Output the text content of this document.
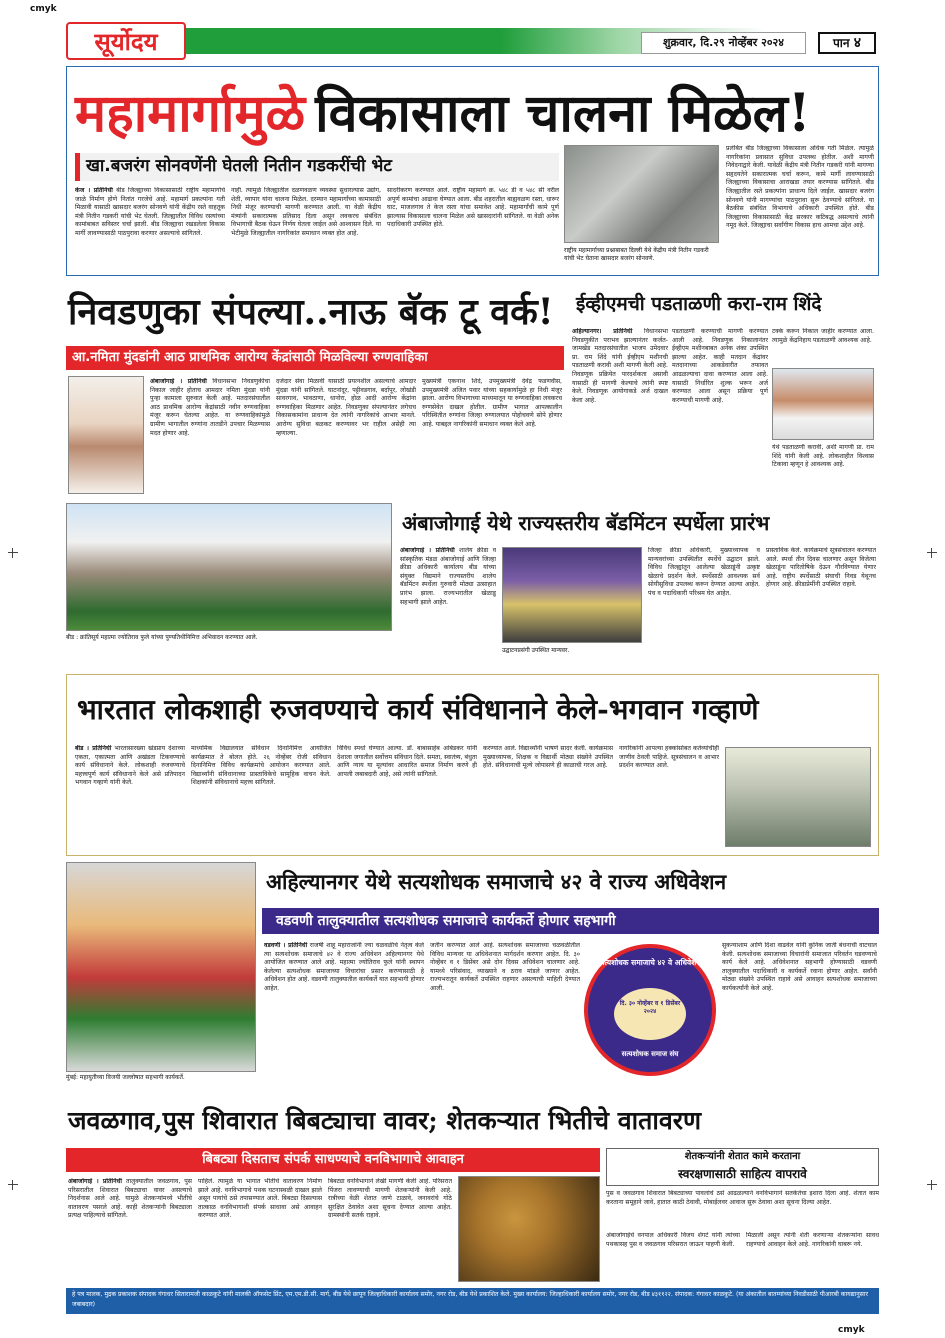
cmyk
cmyk
सूर्योदय	शुक्रवार, दि.२९ नोव्हेंबर २०२४	पान ४
महामार्गामुळे विकासाला चालना मिळेल!
खा.बजरंग सोनवणेंनी घेतली नितीन गडकरींची भेट
केज । प्रतिनिधी बीड जिल्ह्याच्या विकासासाठी राष्ट्रीय महामार्गाचे जाळे निर्माण होणे नितांत गरजेचे आहे. महामार्ग प्रकल्पांना गती मिळावी यासाठी खासदार बजरंग सोनवणे यांनी केंद्रीय रस्ते वाहतूक मंत्री नितीन गडकरी यांची भेट घेतली. जिल्ह्यातील विविध रस्त्यांच्या कामांबाबत सविस्तर चर्चा झाली. बीड जिल्ह्याचा रखडलेला विकास मार्गी लावण्यासाठी पाठपुरावा करणार असल्याचे सांगितले.
नाही. त्यामुळे जिल्ह्यातील दळणवळण व्यवस्था सुधारल्यास उद्योग, शेती, व्यापार यांना चालना मिळेल. दरम्यान महामार्गांच्या कामासाठी निधी मंजूर करण्याची मागणी करण्यात आली. या वेळी केंद्रीय मंत्र्यांनी सकारात्मक प्रतिसाद दिला असून लवकरच संबंधित विभागाची बैठक घेऊन निर्णय घेतला जाईल असे आश्वासन दिले. या भेटीमुळे जिल्ह्यातील नागरिकांत समाधान व्यक्त होत आहे.
सादरीकरण करण्यात आले. राष्ट्रीय महामार्ग क्र. ५४८ डी व ५४८ सी वरील अपूर्ण कामांचा आढावा घेण्यात आला. बीड शहरातील बाह्यवळण रस्ता, धारूर घाट, माजलगाव ते केज रस्ता यांचा समावेश आहे. महामार्गांची कामे पूर्ण झाल्यास विकासाला चालना मिळेल असे खासदारांनी सांगितले. या वेळी अनेक पदाधिकारी उपस्थित होते.
राष्ट्रीय महामार्गाच्या प्रश्नाबाबत दिल्ली येथे केंद्रीय मंत्री नितीन गडकरी यांची भेट घेताना खासदार बजरंग सोनवणे.
प्रलंबित बीड जिल्ह्याच्या विकासाला अधिक गती मिळेल. त्यामुळे नागरिकांना प्रवासात सुविधा उपलब्ध होतील. अशी मागणी निवेदनाद्वारे केली. यावेळी केंद्रीय मंत्री नितीन गडकरी यांनी मागण्या सहृदयतेने सकारात्मक चर्चा करून, कामे मार्गी लावण्यासाठी जिल्ह्याच्या विकासाचा आराखडा तयार करण्यास सांगितले. बीड जिल्ह्यातील रस्ते प्रकल्पांना प्राधान्य दिले जाईल. खासदार बजरंग सोनवणे यांनी मागण्यांचा पाठपुरावा सुरू ठेवण्याचे सांगितले. या बैठकीस संबंधित विभागाचे अधिकारी उपस्थित होते. बीड जिल्ह्याच्या विकासासाठी केंद्र सरकार कटिबद्ध असल्याचे त्यांनी नमूद केले. जिल्ह्याचा सर्वांगीण विकास हाच आमचा उद्देश आहे.
निवडणुका संपल्या..नाऊ बॅक टू वर्क!
आ.नमिता मुंदडांनी आठ प्राथमिक आरोग्य केंद्रांसाठी मिळविल्या रुग्णवाहिका
अंबाजोगाई । प्रतिनिधी विधानसभा निवडणुकीचा निकाल जाहीर होताच आमदार नमिता मुंदडा यांनी पुन्हा कामाला सुरुवात केली आहे. मतदारसंघातील आठ प्राथमिक आरोग्य केंद्रांसाठी नवीन रुग्णवाहिका मंजूर करून घेतल्या आहेत. या रुग्णवाहिकांमुळे ग्रामीण भागातील रुग्णांना तातडीने उपचार मिळण्यास मदत होणार आहे.
दर्जेदार सेवा मिळावी यासाठी प्रयत्नशील असल्याचे आमदार मुंदडा यांनी सांगितले. घाटनांदूर, पट्टीवडगाव, बर्दापूर, लोखंडी सावरगाव, भावठाणा, धानोरा, होळ आदी आरोग्य केंद्रांना रुग्णवाहिका मिळणार आहेत. निवडणुका संपल्यानंतर लगेचच विकासकामांना प्राधान्य देत त्यांनी नागरिकांचे आभार मानले. आरोग्य सुविधा बळकट करण्यावर भर राहील असेही त्या म्हणाल्या.
मुख्यमंत्री एकनाथ शिंदे, उपमुख्यमंत्री देवेंद्र फडणवीस, उपमुख्यमंत्री अजित पवार यांच्या सहकार्यामुळे हा निधी मंजूर झाला. आरोग्य विभागाच्या माध्यमातून या रुग्णवाहिका लवकरच रुग्णसेवेत दाखल होतील. ग्रामीण भागात आपत्कालीन परिस्थितीत रुग्णांना जिल्हा रुग्णालयात पोहोचवणे सोपे होणार आहे. याबद्दल नागरिकांनी समाधान व्यक्त केले आहे.
ईव्हीएमची पडताळणी करा-राम शिंदे
अहिल्यानगर। प्रतिनिधी विधानसभा निवडणुकीत पराभव झाल्यानंतर कर्जत-जामखेड मतदारसंघातील भाजप उमेदवार प्रा. राम शिंदे यांनी ईव्हीएम मशीनची पडताळणी करावी अशी मागणी केली आहे. निवडणूक प्रक्रियेत पारदर्शकता असावी यासाठी ही मागणी केल्याचे त्यांनी स्पष्ट केले. निवडणूक आयोगाकडे अर्ज दाखल केला आहे.
पडताळणी करण्याची मागणी करण्यात आली आहे. निवडणूक निकालानंतर ईव्हीएम मशीनबाबत अनेक शंका उपस्थित झाल्या आहेत. काही मतदान केंद्रांवर मतदानाच्या आकडेवारीत तफावत आढळल्याचा दावा करण्यात आला आहे. यासाठी निर्धारित शुल्क भरून अर्ज करण्यात आला असून प्रक्रिया पूर्ण करण्याची मागणी आहे.
टक्के करून निकाल जाहीर करण्यात आला. त्यामुळे केंद्रनिहाय पडताळणी आवश्यक आहे.
येथे पडताळणी करावी, अशी मागणी प्रा. राम शिंदे यांनी केली आहे. लोकशाहीत विश्वास टिकावा म्हणून हे आवश्यक आहे.
बीड : क्रांतिसूर्य महात्मा ज्योतिराव फुले यांच्या पुण्यतिथीनिमित्त अभिवादन करण्यात आले.
अंबाजोगाई येथे राज्यस्तरीय बॅडमिंटन स्पर्धेला प्रारंभ
अंबाजोगाई । प्रतिनिधी शालेय क्रीडा व सांस्कृतिक मंडळ अंबाजोगाई आणि जिल्हा क्रीडा अधिकारी कार्यालय बीड यांच्या संयुक्त विद्यमाने राज्यस्तरीय शालेय बॅडमिंटन स्पर्धेला गुरुवारी मोठ्या उत्साहात प्रारंभ झाला. राज्यभरातील खेळाडू सहभागी झाले आहेत.
उद्घाटनप्रसंगी उपस्थित मान्यवर.
जिल्हा क्रीडा अधिकारी, मुख्याध्यापक व मान्यवरांच्या उपस्थितीत स्पर्धेचे उद्घाटन झाले. विविध जिल्ह्यांतून आलेल्या खेळाडूंनी उत्कृष्ट खेळाचे प्रदर्शन केले. स्पर्धेसाठी आवश्यक सर्व सोयीसुविधा उपलब्ध करून देण्यात आल्या आहेत. पंच व पदाधिकारी परिश्रम घेत आहेत.
प्रास्ताविक केले. कार्यक्रमाचे सूत्रसंचालन करण्यात आले. स्पर्धा तीन दिवस चालणार असून विजेत्या खेळाडूंना पारितोषिके देऊन गौरविण्यात येणार आहे. राष्ट्रीय स्पर्धेसाठी संघाची निवड येथूनच होणार आहे. क्रीडाप्रेमींनी उपस्थित राहावे.
भारतात लोकशाही रुजवण्याचे कार्य संविधानाने केले-भगवान गव्हाणे
बीड । प्रतिनिधी भारतासारख्या खंडप्राय देशाच्या एकता, एकात्मता आणि अखंडता टिकवण्याचे कार्य संविधानाने केले. लोकशाही रुजवण्याचे महत्त्वपूर्ण कार्य संविधानाने केले असे प्रतिपादन भगवान गव्हाणे यांनी केले.
माध्यमिक विद्यालयात संविधान दिनानिमित्त आयोजित कार्यक्रमात ते बोलत होते. २६ नोव्हेंबर रोजी संविधान दिनानिमित्त विविध कार्यक्रमांचे आयोजन करण्यात आले. विद्यार्थ्यांनी संविधानाच्या प्रास्ताविकेचे सामूहिक वाचन केले. शिक्षकांनी संविधानाचे महत्त्व सांगितले.
विविध स्पर्धा घेण्यात आल्या. डॉ. बाबासाहेब आंबेडकर यांनी देशाला जगातील सर्वोत्तम संविधान दिले. समता, स्वातंत्र्य, बंधुता आणि न्याय या मूल्यांवर आधारित समाज निर्माण करणे ही आपली जबाबदारी आहे, असे त्यांनी सांगितले.
करण्यात आले. विद्यार्थ्यांनी भाषणे सादर केली. कार्यक्रमास मुख्याध्यापक, शिक्षक व विद्यार्थी मोठ्या संख्येने उपस्थित होते. संविधानाची मूल्ये जोपासणे ही काळाची गरज आहे.
नागरिकांनी आपल्या हक्कांसोबत कर्तव्यांचीही जाणीव ठेवली पाहिजे. सूत्रसंचालन व आभार प्रदर्शन करण्यात आले.
मुंबई: महायुतीच्या विजयी जल्लोषात सहभागी कार्यकर्ते.
अहिल्यानगर येथे सत्यशोधक समाजाचे ४२ वे राज्य अधिवेशन
वडवणी तालुक्यातील सत्यशोधक समाजाचे कार्यकर्ते होणार सहभागी
वडवणी । प्रतिनिधी राजर्षी शाहू महाराजांनी ज्या चळवळीचे नेतृत्व केले त्या सत्यशोधक समाजाचे ४२ वे राज्य अधिवेशन अहिल्यानगर येथे आयोजित करण्यात आले आहे. महात्मा ज्योतिराव फुले यांनी स्थापन केलेल्या सत्यशोधक समाजाच्या विचारांचा प्रसार करण्यासाठी हे अधिवेशन होत आहे. वडवणी तालुक्यातील कार्यकर्ते यात सहभागी होणार आहेत.
जतीन करण्यात आले आहे. सत्यशोधक समाजाच्या चळवळीतील विविध मान्यवर या अधिवेशनात मार्गदर्शन करणार आहेत. दि. ३० नोव्हेंबर व १ डिसेंबर असे दोन दिवस अधिवेशन चालणार आहे. यामध्ये परिसंवाद, व्याख्याने व ठराव मांडले जाणार आहेत. राज्यभरातून कार्यकर्ते उपस्थित राहणार असल्याची माहिती देण्यात आली.
सत्यशोधक समाजाचे ४२ वे अधिवेशन
दि. ३० नोव्हेंबर व १ डिसेंबर २०२४
सत्यशोधक समाज संघ
सुकन्याशाम आणि दिशा वाढवेल यांनी कुनिक जाती बंधनाची वाटचाल केली. सत्यशोधक समाजाच्या विचारांनी समाजात परिवर्तन घडवण्याचे कार्य केले आहे. अधिवेशनात सहभागी होण्यासाठी वडवणी तालुक्यातील पदाधिकारी व कार्यकर्ते रवाना होणार आहेत. सर्वांनी मोठ्या संख्येने उपस्थित राहावे असे आवाहन सत्यशोधक समाजाच्या कार्यकर्त्यांनी केले आहे.
जवळगाव,पुस शिवारात बिबट्याचा वावर; शेतकऱ्यात भितीचे वातावरण
बिबट्या दिसताच संपर्क साधण्याचे वनविभागाचे आवाहन
अंबाजोगाई । प्रतिनिधी तालुक्यातील जवळगाव, पुस परिसरातील शिवारात बिबट्याचा वावर असल्याचे निदर्शनास आले आहे. यामुळे शेतकऱ्यांमध्ये भीतीचे वातावरण पसरले आहे. काही शेतकऱ्यांनी बिबट्याला प्रत्यक्ष पाहिल्याचे सांगितले.
पाहिले. त्यामुळे या भागात भीतीचे वातावरण निर्माण झाले आहे. वनविभागाचे पथक घटनास्थळी दाखल झाले असून पायांचे ठसे तपासण्यात आले. बिबट्या दिसल्यास तात्काळ वनविभागाशी संपर्क साधावा असे आवाहन करण्यात आले.
बिबट्या वनविभागाने लेखी मागणी केली आहे. परिसरात पिंजरा लावण्याची मागणी शेतकऱ्यांनी केली आहे. रात्रीच्या वेळी शेतात जाणे टाळावे, जनावरांचे गोठे सुरक्षित ठेवावेत अशा सूचना देण्यात आल्या आहेत. ग्रामस्थांनी सतर्क राहावे.
शेतकऱ्यांनी शेतात कामे करताना
स्वरक्षणासाठी साहित्य वापरावे
पुस व जवळगाव शिवारात बिबट्याच्या पावलांचे ठसे आढळल्याने वनविभागाने सतर्कतेचा इशारा दिला आहे. शेतात काम करताना समूहाने जावे, हातात काठी ठेवावी, मोबाईलवर आवाज सुरू ठेवावा अशा सूचना दिल्या आहेत.
अंबाजोगाईचे वनपाल अधिकारी विजय शेंगटे यांनी त्यांच्या पथकासह पुस व जवळगाव परिसरात जाऊन पाहणी केली.
मिळाली असून त्यांनी शेती करणाऱ्या शेतकऱ्यांना सावध राहण्याचे आवाहन केले आहे. नागरिकांनी घाबरू नये.
हे पत्र मालक, मुद्रक प्रकाशक संपादक गंगाधर सितारामजी काळकुटे यांनी मालकी ऑफसेट प्रिंट, एम.एम.डी.सी. मार्ग, बीड येथे छापून जिल्हाधिकारी कार्यालय समोर, नगर रोड, बीड येथे प्रकाशित केले. मुख्य कार्यालय: जिल्हाधिकारी कार्यालय समोर, नगर रोड, बीड ४३११२२. संपादक: गंगाधर काळकुटे. (या अंकातील बातम्यांच्या निवडीसाठी पीआरबी कायद्यानुसार जबाबदार)
